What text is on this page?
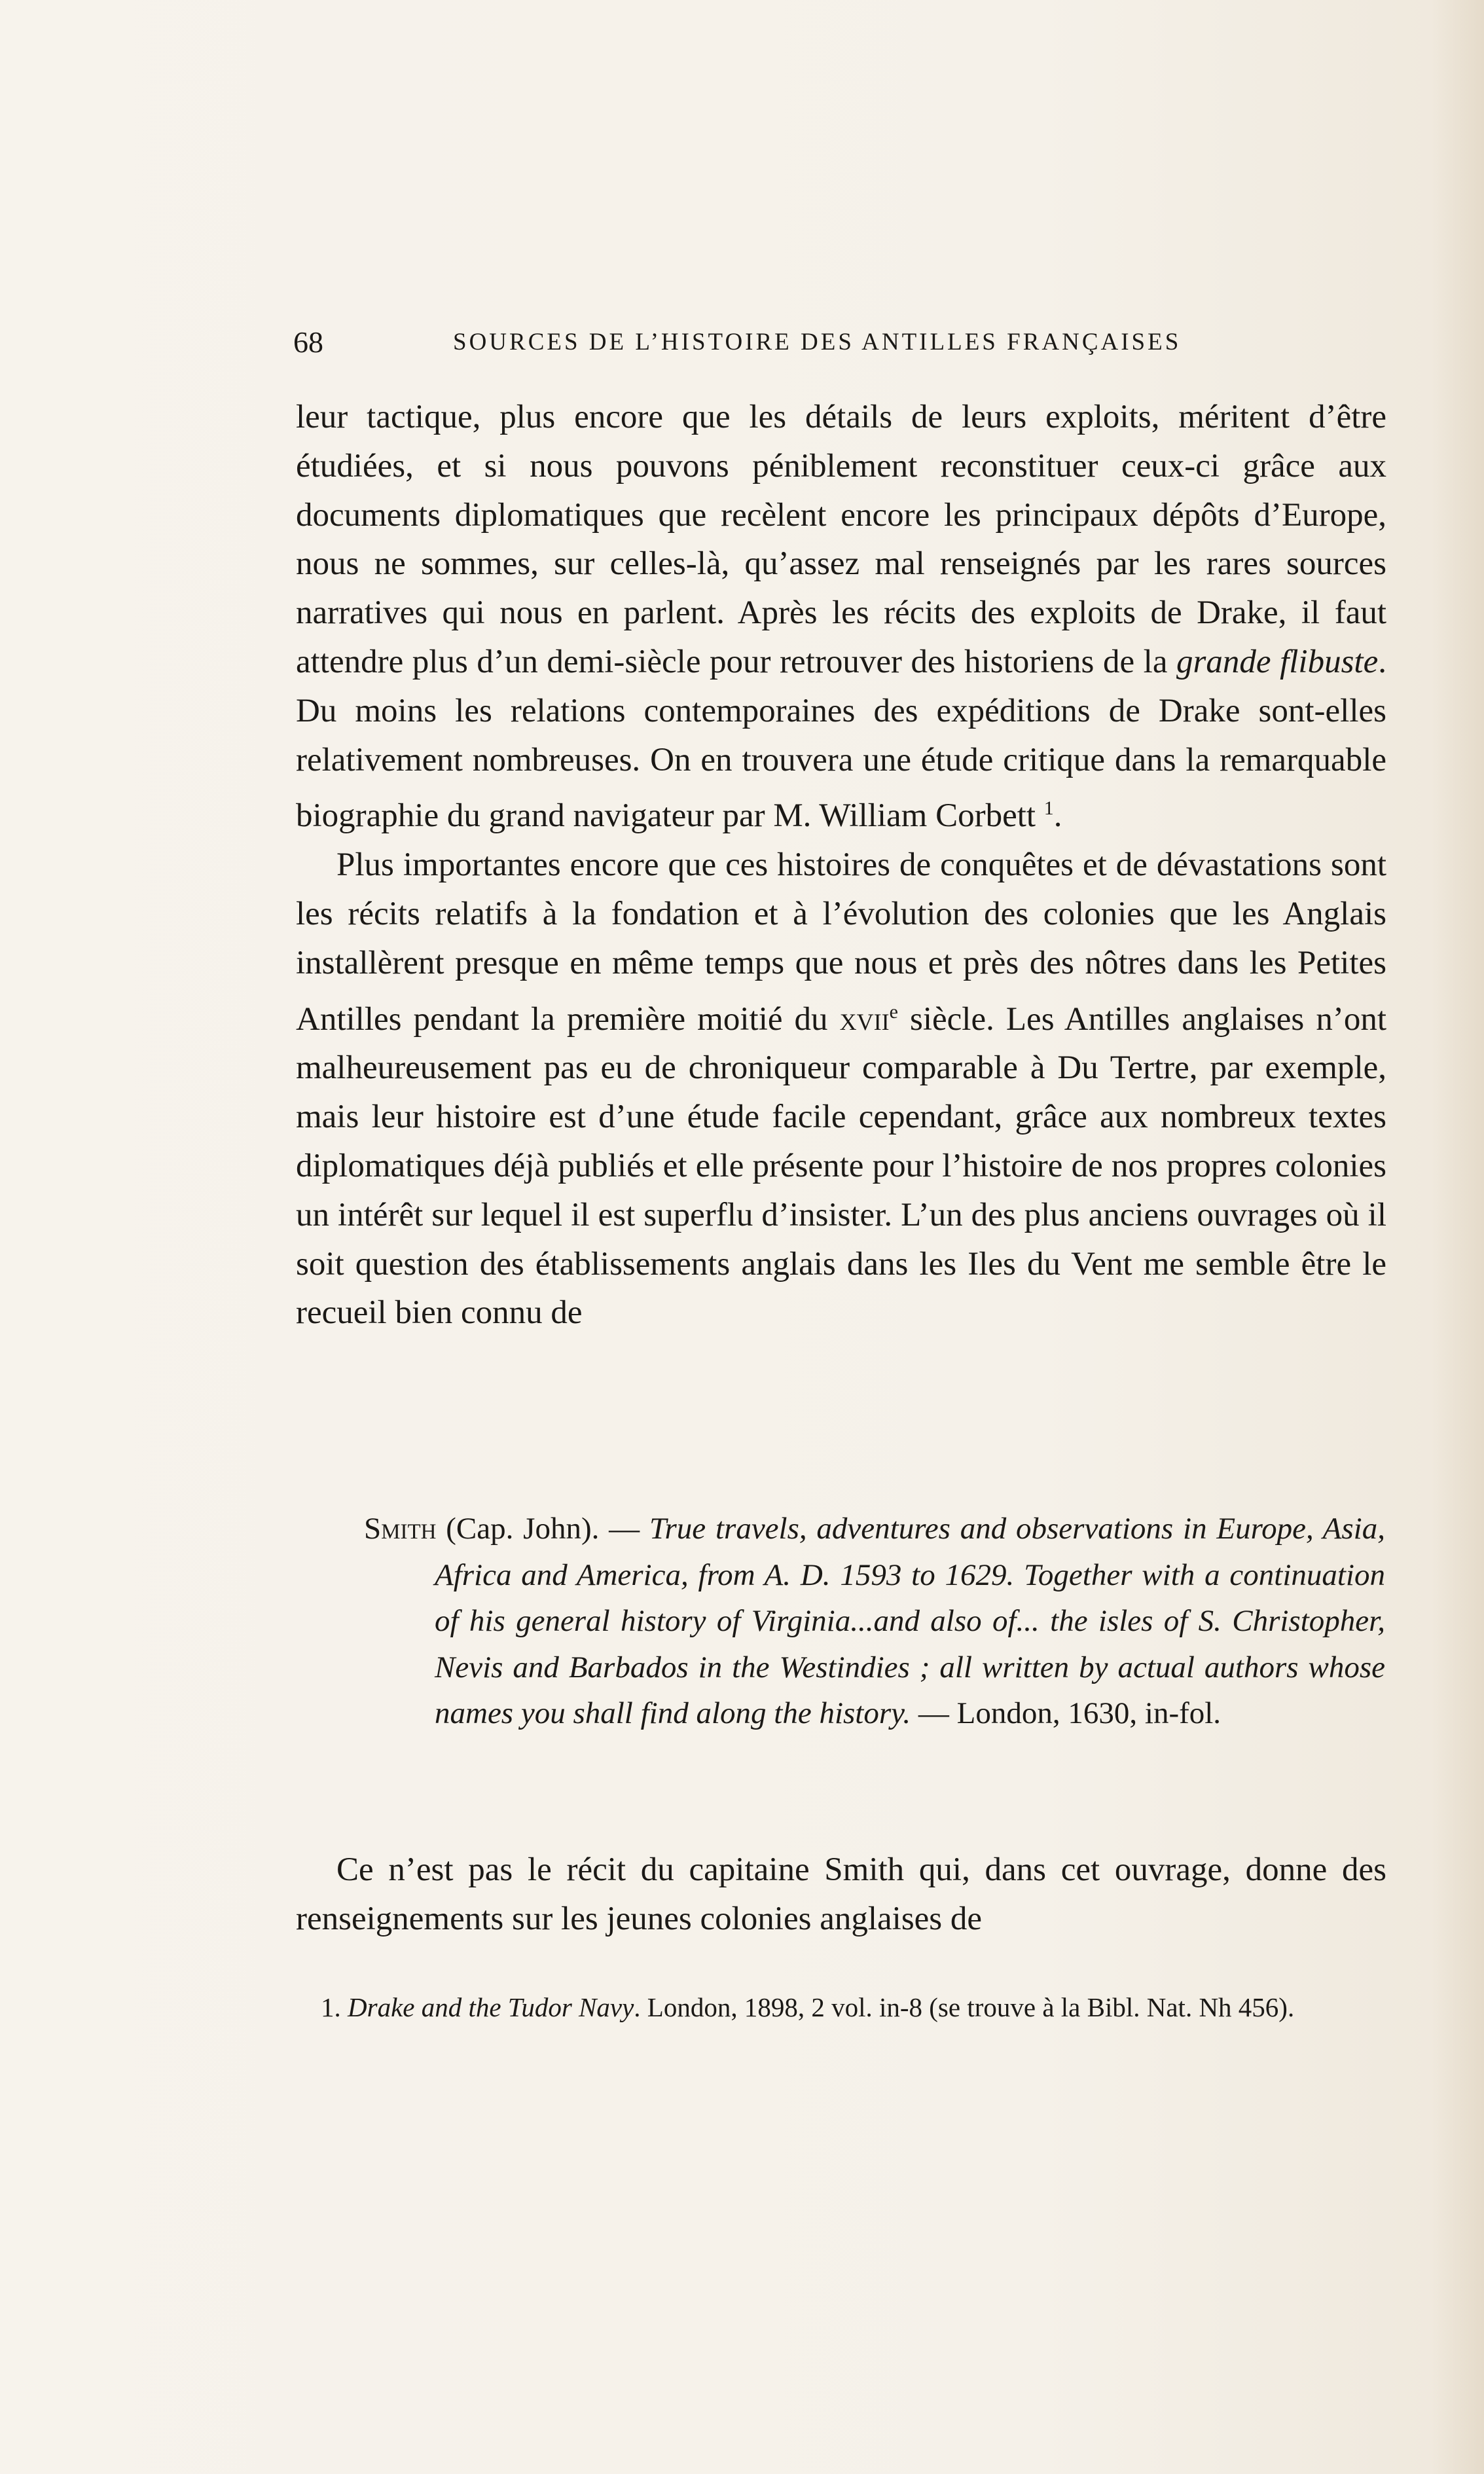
68	SOURCES DE L’HISTOIRE DES ANTILLES FRANÇAISES

leur tactique, plus encore que les détails de leurs exploits, méritent d’être étudiées, et si nous pouvons péniblement reconstituer ceux-ci grâce aux documents diplomatiques que recèlent encore les principaux dépôts d’Europe, nous ne sommes, sur celles-là, qu’assez mal renseignés par les rares sources narratives qui nous en parlent. Après les récits des exploits de Drake, il faut attendre plus d’un demi-siècle pour retrouver des historiens de la grande flibuste. Du moins les relations contemporaines des expéditions de Drake sont-elles relativement nombreuses. On en trouvera une étude critique dans la remarquable biographie du grand navigateur par M. William Corbett $^1$.

Plus importantes encore que ces histoires de conquêtes et de dévastations sont les récits relatifs à la fondation et à l’évolution des colonies que les Anglais installèrent presque en même temps que nous et près des nôtres dans les Petites Antilles pendant la première moitié du xvii$^e$ siècle. Les Antilles anglaises n’ont malheureusement pas eu de chroniqueur comparable à Du Tertre, par exemple, mais leur histoire est d’une étude facile cependant, grâce aux nombreux textes diplomatiques déjà publiés et elle présente pour l’histoire de nos propres colonies un intérêt sur lequel il est superflu d’insister. L’un des plus anciens ouvrages où il soit question des établissements anglais dans les Iles du Vent me semble être le recueil bien connu de

Smith (Cap. John). — True travels, adventures and observations in Europe, Asia, Africa and America, from A. D. 1593 to 1629. Together with a continuation of his general history of Virginia...and also of... the isles of S. Christopher, Nevis and Barbados in the Westindies ; all written by actual authors whose names you shall find along the history. — London, 1630, in-fol.

Ce n’est pas le récit du capitaine Smith qui, dans cet ouvrage, donne des renseignements sur les jeunes colonies anglaises de

1. Drake and the Tudor Navy. London, 1898, 2 vol. in-8 (se trouve à la Bibl. Nat. Nh 456).
